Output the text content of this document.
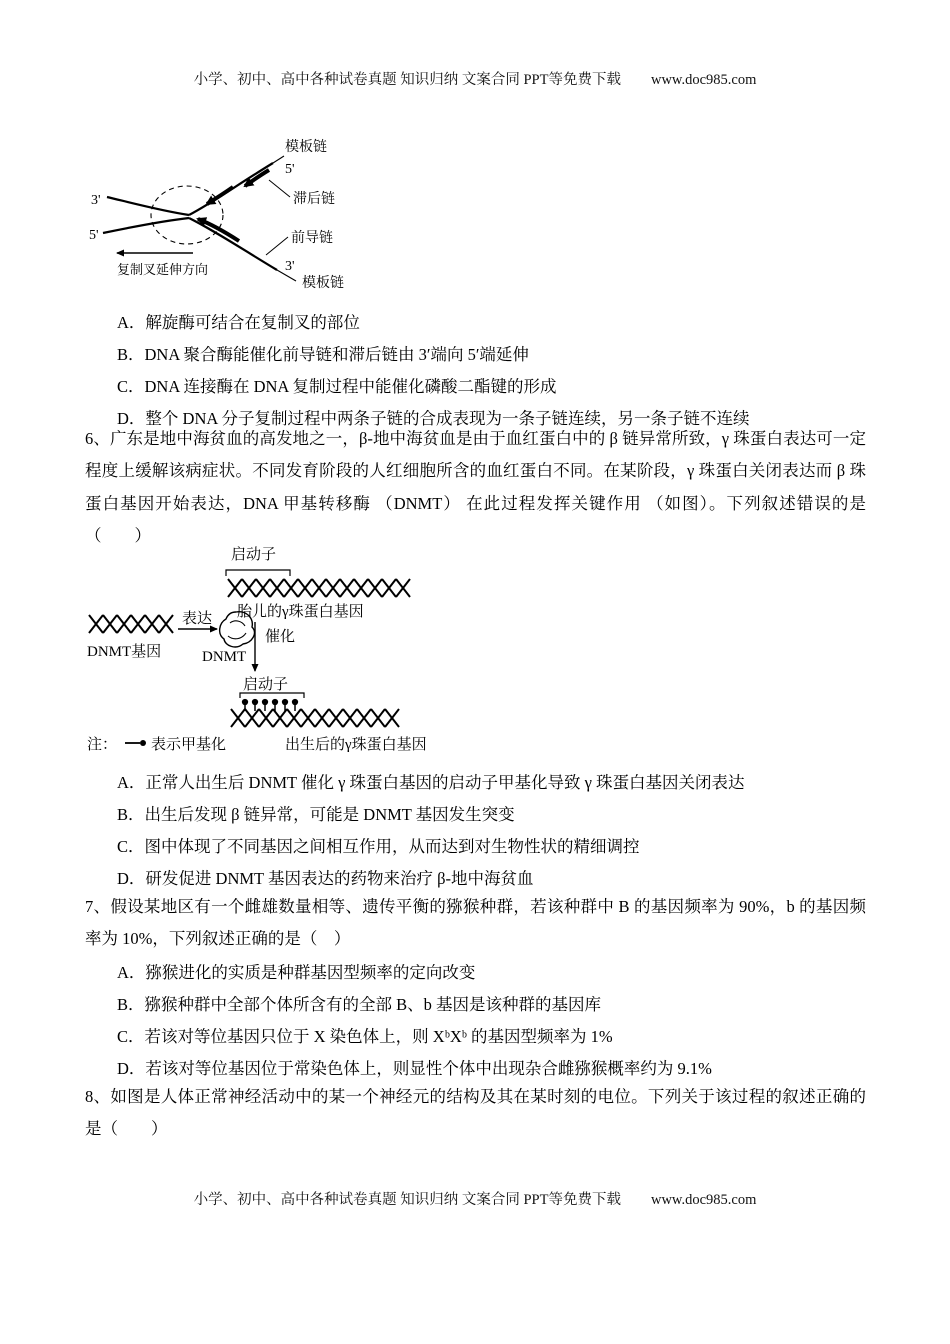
小学、初中、高中各种试卷真题 知识归纳 文案合同 PPT等免费下载 www.doc985.com
模板链
5'
滞后链
前导链
3'
5'
复制叉延伸方向	3'
模板链
A．解旋酶可结合在复制叉的部位
B．DNA 聚合酶能催化前导链和滞后链由 3′端向 5′端延伸
C．DNA 连接酶在 DNA 复制过程中能催化磷酸二酯键的形成
D．整个 DNA 分子复制过程中两条子链的合成表现为一条子链连续，另一条子链不连续

6、广东是地中海贫血的高发地之一，β-地中海贫血是由于血红蛋白中的 β 链异常所致，γ 珠蛋白表达可一定程度上缓解该病症状。不同发育阶段的人红细胞所含的血红蛋白不同。在某阶段，γ 珠蛋白关闭表达而 β 珠蛋白基因开始表达，DNA 甲基转移酶 （DNMT） 在此过程发挥关键作用 （如图）。下列叙述错误的是（　　）

启动子
胎儿的γ珠蛋白基因
催化
DNMT基因
表达
DNMT
启动子
出生后的γ珠蛋白基因
注： 表示甲基化
A．正常人出生后 DNMT 催化 γ 珠蛋白基因的启动子甲基化导致 γ 珠蛋白基因关闭表达
B．出生后发现 β 链异常，可能是 DNMT 基因发生突变
C．图中体现了不同基因之间相互作用，从而达到对生物性状的精细调控
D．研发促进 DNMT 基因表达的药物来治疗 β-地中海贫血

7、假设某地区有一个雌雄数量相等、遗传平衡的猕猴种群，若该种群中 B 的基因频率为 90%，b 的基因频率为 10%，下列叙述正确的是（　）

A．猕猴进化的实质是种群基因型频率的定向改变
B．猕猴种群中全部个体所含有的全部 B、b 基因是该种群的基因库
C．若该对等位基因只位于 X 染色体上，则 XᵇXᵇ 的基因型频率为 1%
D．若该对等位基因位于常染色体上，则显性个体中出现杂合雌猕猴概率约为 9.1%

8、如图是人体正常神经活动中的某一个神经元的结构及其在某时刻的电位。下列关于该过程的叙述正确的是（　　）

小学、初中、高中各种试卷真题 知识归纳 文案合同 PPT等免费下载 www.doc985.com
